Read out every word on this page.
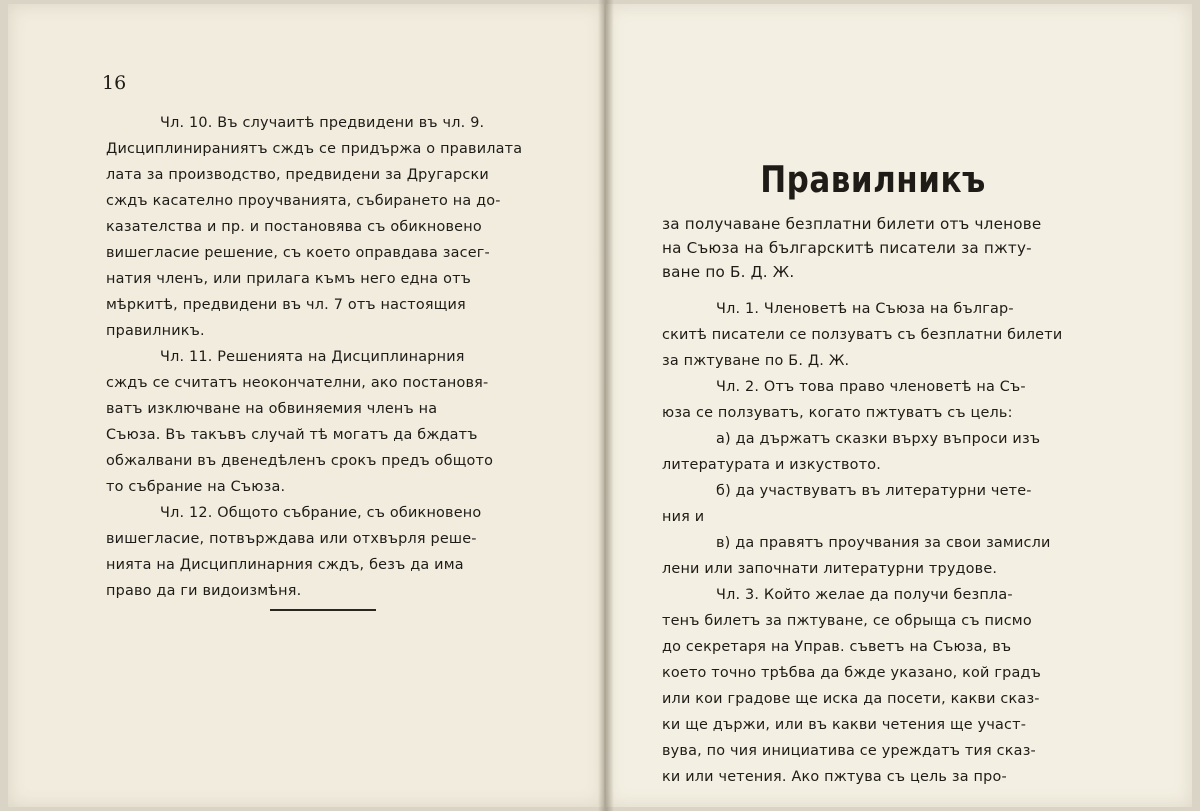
16
Чл. 10. Въ случаитѣ предвидени въ чл. 9.
Дисциплинираниятъ сждъ се придържа о правилата
лата за производство, предвидени за Другарски
сждъ касателно проучванията, събирането на до-
казателства и пр. и постановява съ обикновено
вишегласие решение, съ което оправдава засег-
натия членъ, или прилага къмъ него една отъ
мѣркитѣ, предвидени въ чл. 7 отъ настоящия
правилникъ.
Чл. 11. Решенията на Дисциплинарния
сждъ се считатъ неокончателни, ако постановя-
ватъ изключване на обвиняемия членъ на
Съюза. Въ такъвъ случай тѣ могатъ да бждатъ
обжалвани въ двенедѣленъ срокъ предъ общото
то събрание на Съюза.
Чл. 12. Общото събрание, съ обикновено
вишегласие, потвърждава или отхвърля реше-
нията на Дисциплинарния сждъ, безъ да има
право да ги видоизмѣня.
Правилникъ
за получаване безплатни билети отъ членове
на Съюза на българскитѣ писатели за пжту-
ване по Б. Д. Ж.
Чл. 1. Членоветѣ на Съюза на българ-
скитѣ писатели се ползуватъ съ безплатни билети
за пжтуване по Б. Д. Ж.
Чл. 2. Отъ това право членоветѣ на Съ-
юза се ползуватъ, когато пжтуватъ съ цель:
а) да държатъ сказки върху въпроси изъ
литературата и изкуството.
б) да участвуватъ въ литературни чете-
ния и
в) да правятъ проучвания за свои замисли
лени или започнати литературни трудове.
Чл. 3. Който желае да получи безпла-
тенъ билетъ за пжтуване, се обрыща съ писмо
до секретаря на Управ. съветъ на Съюза, въ
което точно трѣбва да бжде указано, кой градъ
или кои градове ще иска да посети, какви сказ-
ки ще държи, или въ какви четения ще участ-
вува, по чия инициатива се уреждатъ тия сказ-
ки или четения. Ако пжтува съ цель за про-
